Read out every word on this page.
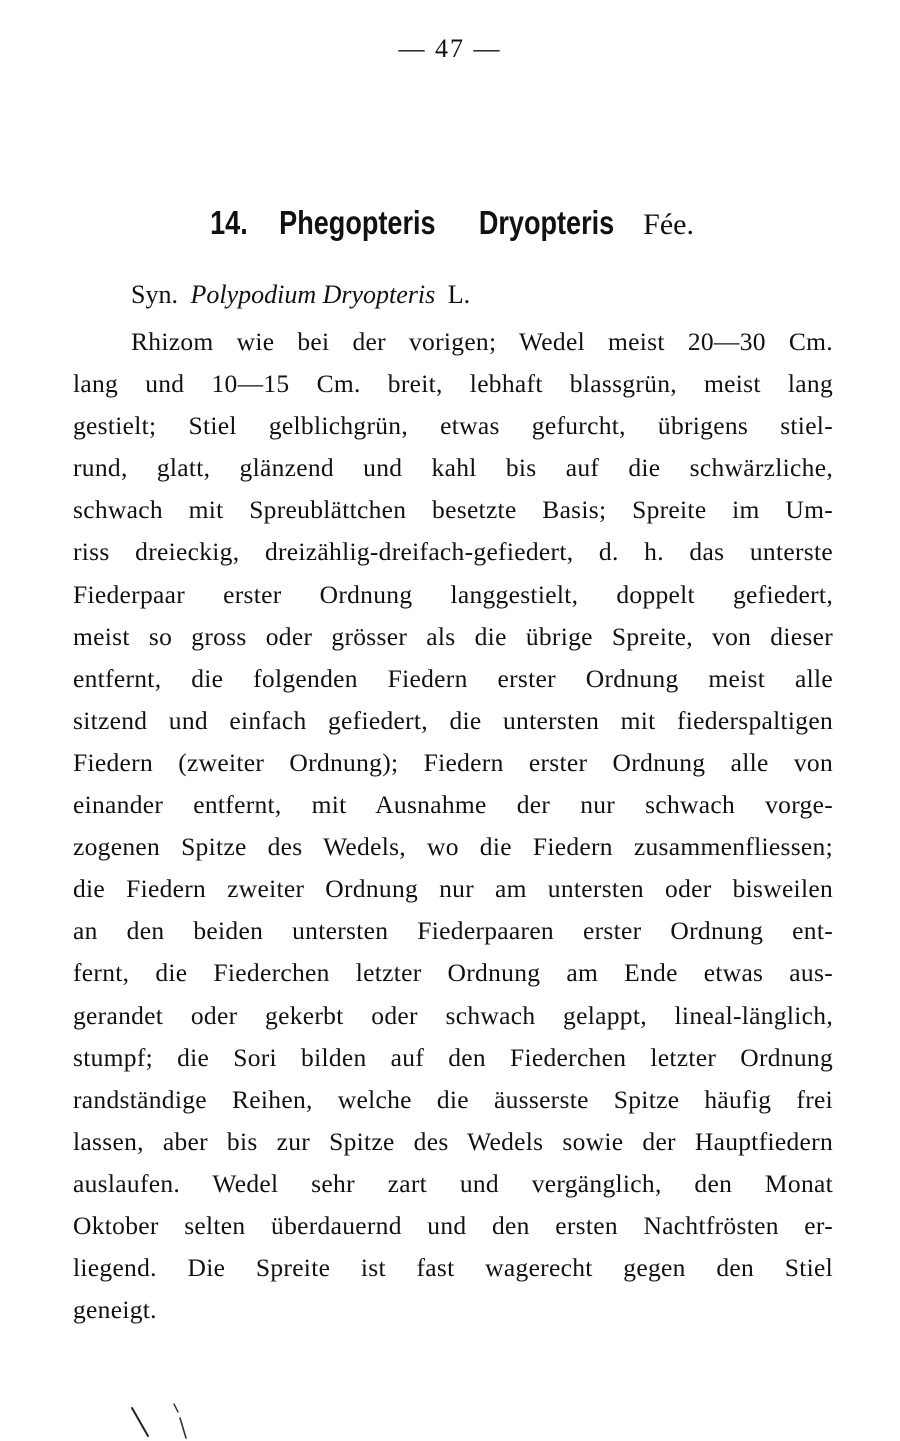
— 47 —
14. Phegopteris Dryopteris Fée.
Syn. Polypodium Dryopteris L.
Rhizom wie bei der vorigen; Wedel meist 20—30 Cm.
lang und 10—15 Cm. breit, lebhaft blassgrün, meist lang
gestielt; Stiel gelblichgrün, etwas gefurcht, übrigens stiel-
rund, glatt, glänzend und kahl bis auf die schwärzliche,
schwach mit Spreublättchen besetzte Basis; Spreite im Um-
riss dreieckig, dreizählig-dreifach-gefiedert, d. h. das unterste
Fiederpaar erster Ordnung langgestielt, doppelt gefiedert,
meist so gross oder grösser als die übrige Spreite, von dieser
entfernt, die folgenden Fiedern erster Ordnung meist alle
sitzend und einfach gefiedert, die untersten mit fiederspaltigen
Fiedern (zweiter Ordnung); Fiedern erster Ordnung alle von
einander entfernt, mit Ausnahme der nur schwach vorge-
zogenen Spitze des Wedels, wo die Fiedern zusammenfliessen;
die Fiedern zweiter Ordnung nur am untersten oder bisweilen
an den beiden untersten Fiederpaaren erster Ordnung ent-
fernt, die Fiederchen letzter Ordnung am Ende etwas aus-
gerandet oder gekerbt oder schwach gelappt, lineal-länglich,
stumpf; die Sori bilden auf den Fiederchen letzter Ordnung
randständige Reihen, welche die äusserste Spitze häufig frei
lassen, aber bis zur Spitze des Wedels sowie der Hauptfiedern
auslaufen. Wedel sehr zart und vergänglich, den Monat
Oktober selten überdauernd und den ersten Nachtfrösten er-
liegend. Die Spreite ist fast wagerecht gegen den Stiel
geneigt.
